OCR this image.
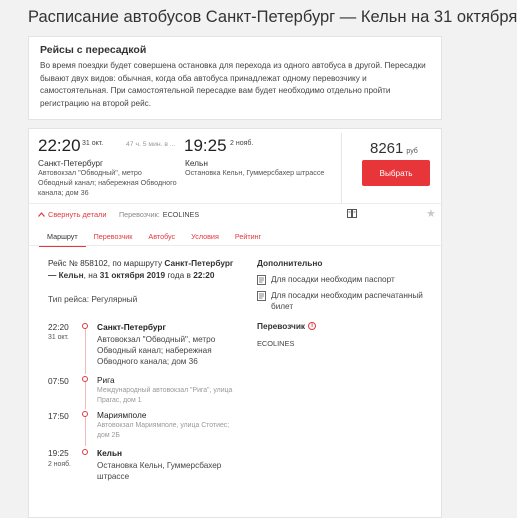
Расписание автобусов Санкт-Петербург — Кельн на 31 октября
Рейсы с пересадкой
Во время поездки будет совершена остановка для перехода из одного автобуса в другой. Пересадки бывают двух видов: обычная, когда оба автобуса принадлежат одному перевозчику и самостоятельная. При самостоятельной пересадке вам будет необходимо отдельно пройти регистрацию на второй рейс.
22:20 31 окт.	47 ч. 5 мин. в ... 19:25 2 нояб.
Санкт-Петербург
Автовокзал "Обводный", метро Обводный канал; набережная Обводного канала; дом 36
Кельн
Остановка Кельн, Гуммерсбахер штрассе
8261 руб
Выбрать
Свернуть детали Перевозчик: ECOLINES	★
Маршрут	Перевозчик	Автобус	Условия	Рейтинг
Рейс № 858102, по маршруту Санкт-Петербург — Кельн, на 31 октября 2019 года в 22:20
Тип рейса: Регулярный
Дополнительно
Для посадки необходим паспорт
Для посадки необходим распечатанный билет
Перевозчик	i
ECOLINES
22:20
31 окт.
Санкт-Петербург
Автовокзал "Обводный", метро Обводный канал; набережная Обводного канала; дом 36
07:50	Рига
Международный автовокзал "Рига", улица Прагас, дом 1
17:50	Мариямполе
Автовокзал Мариямполе, улица Стотиес; дом 2Б
19:25
2 нояб.
Кельн
Остановка Кельн, Гуммерсбахер штрассе
